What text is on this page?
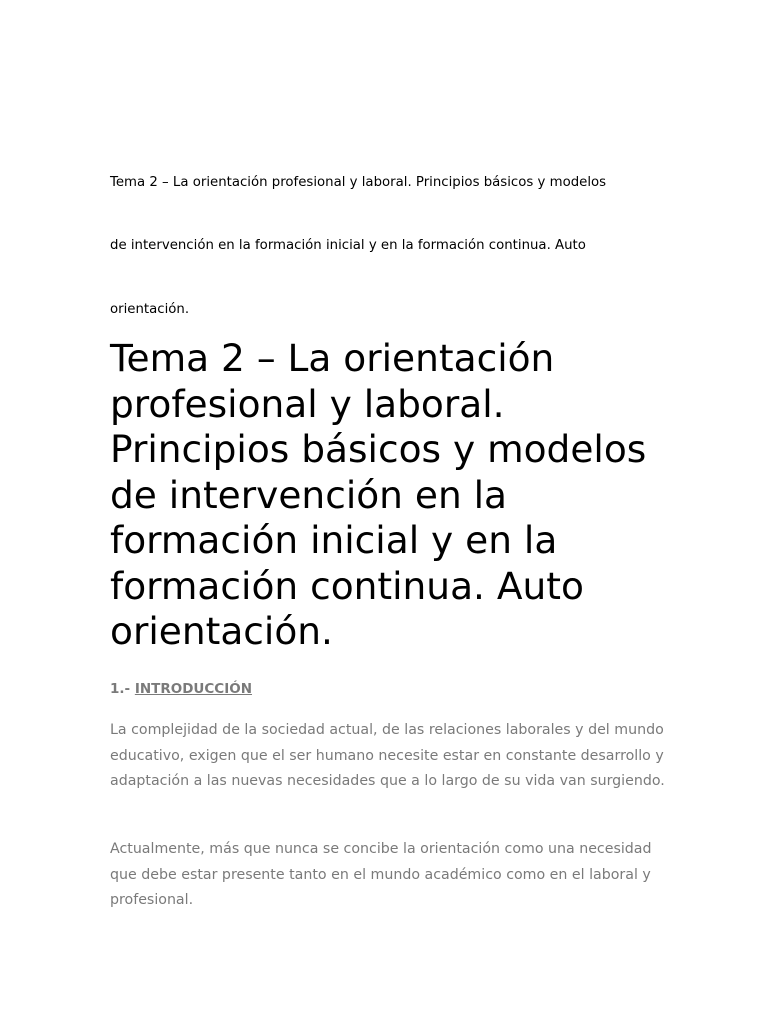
Tema 2 – La orientación profesional y laboral. Principios básicos y modelos
de intervención en la formación inicial y en la formación continua. Auto
orientación.
Tema 2 – La orientación profesional y laboral. Principios básicos y modelos de intervención en la formación inicial y en la formación continua. Auto orientación.
1.- INTRODUCCIÓN

La complejidad de la sociedad actual, de las relaciones laborales y del mundo educativo, exigen que el ser humano necesite estar en constante desarrollo y adaptación a las nuevas necesidades que a lo largo de su vida van surgiendo.

Actualmente, más que nunca se concibe la orientación como una necesidad que debe estar presente tanto en el mundo académico como en el laboral y profesional.
